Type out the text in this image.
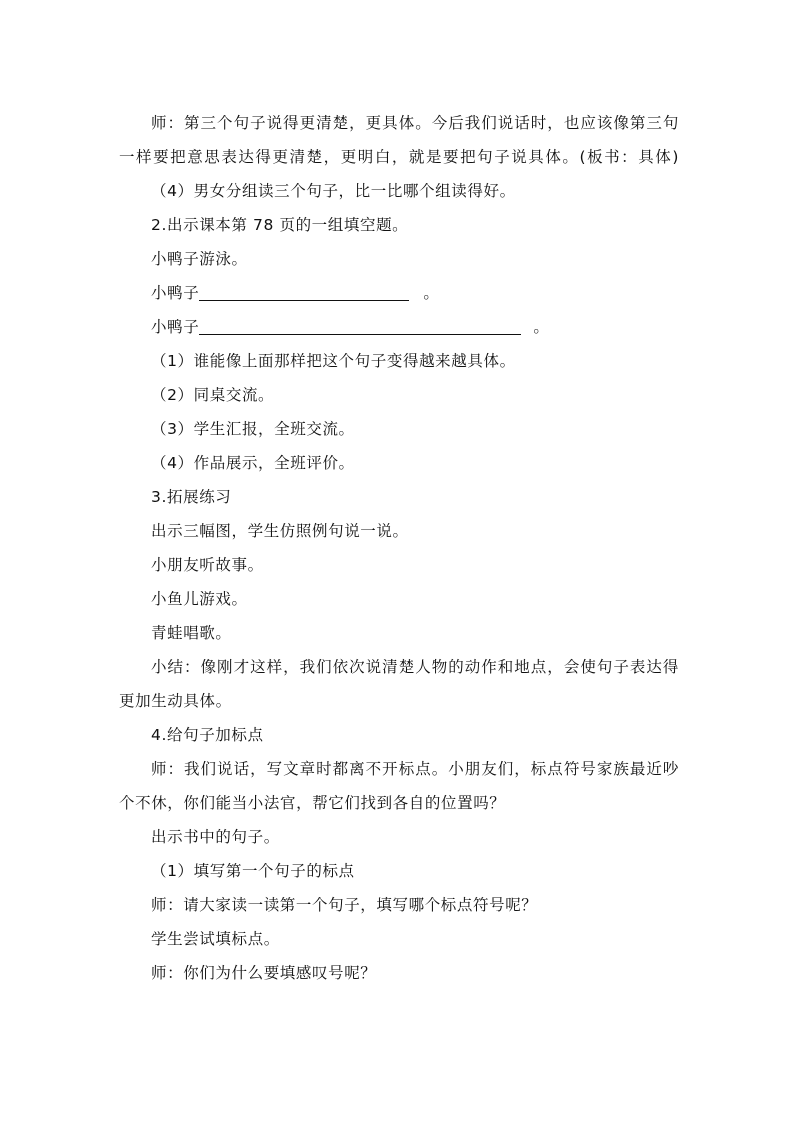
师：第三个句子说得更清楚，更具体。今后我们说话时，也应该像第三句
一样要把意思表达得更清楚，更明白，就是要把句子说具体。(板书：具体)
（4）男女分组读三个句子，比一比哪个组读得好。
2.出示课本第 78 页的一组填空题。
小鸭子游泳。
小鸭子	。
小鸭子	。
（1）谁能像上面那样把这个句子变得越来越具体。
（2）同桌交流。
（3）学生汇报，全班交流。
（4）作品展示，全班评价。
3.拓展练习
出示三幅图，学生仿照例句说一说。
小朋友听故事。
小鱼儿游戏。
青蛙唱歌。
小结：像刚才这样，我们依次说清楚人物的动作和地点，会使句子表达得
更加生动具体。
4.给句子加标点
师：我们说话，写文章时都离不开标点。小朋友们，标点符号家族最近吵
个不休，你们能当小法官，帮它们找到各自的位置吗？
出示书中的句子。
（1）填写第一个句子的标点
师：请大家读一读第一个句子，填写哪个标点符号呢？
学生尝试填标点。
师：你们为什么要填感叹号呢？
